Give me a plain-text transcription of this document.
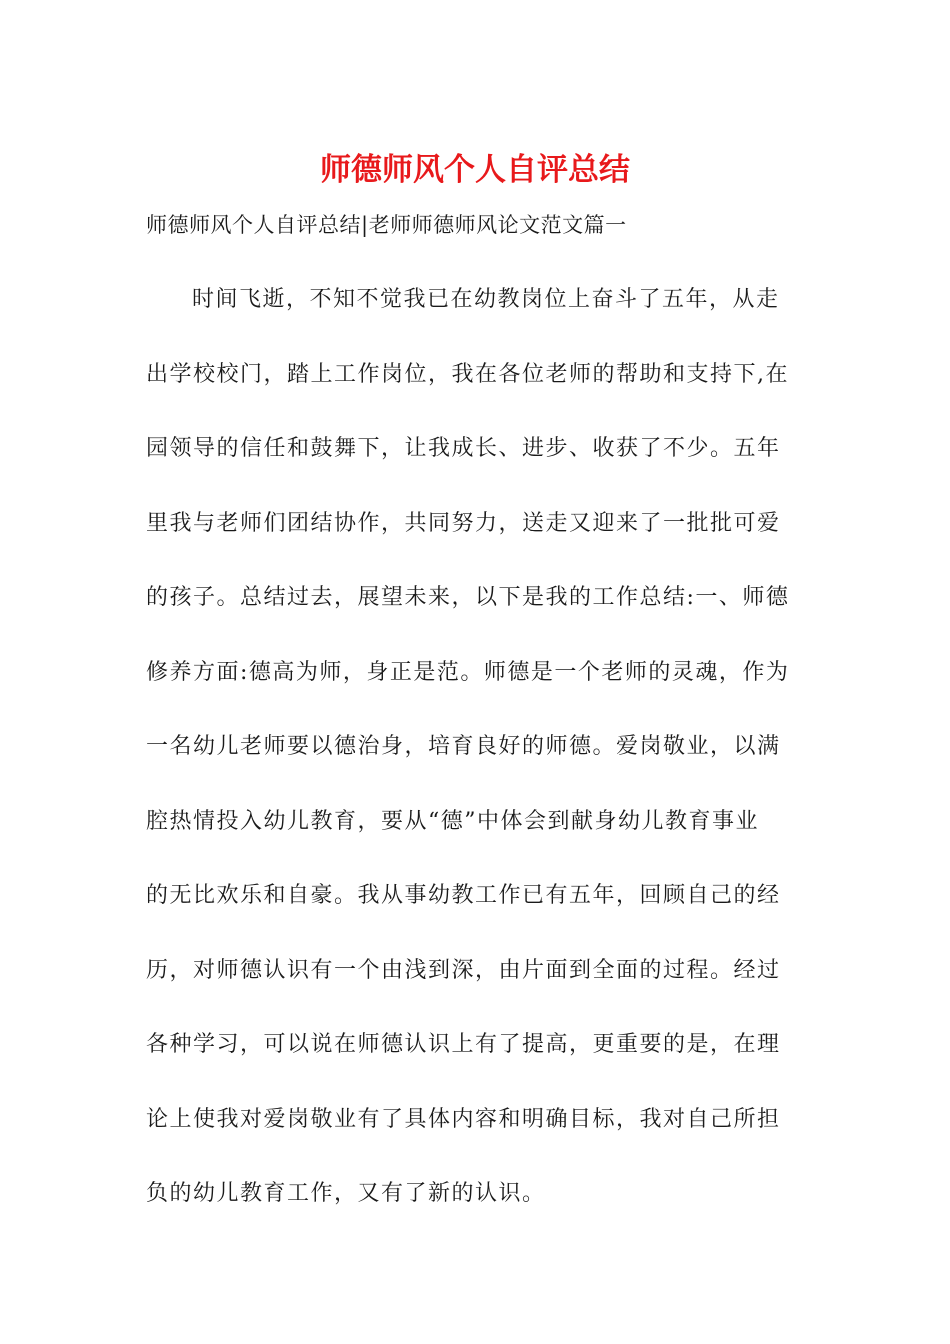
师德师风个人自评总结

师德师风个人自评总结|老师师德师风论文范文篇一

时间飞逝，不知不觉我已在幼教岗位上奋斗了五年，从走
出学校校门，踏上工作岗位，我在各位老师的帮助和支持下,在
园领导的信任和鼓舞下，让我成长、进步、收获了不少。五年
里我与老师们团结协作，共同努力，送走又迎来了一批批可爱
的孩子。总结过去，展望未来，以下是我的工作总结:一、师德
修养方面:德高为师，身正是范。师德是一个老师的灵魂，作为
一名幼儿老师要以德治身，培育良好的师德。爱岗敬业，以满
腔热情投入幼儿教育，要从“德”中体会到献身幼儿教育事业
的无比欢乐和自豪。我从事幼教工作已有五年，回顾自己的经
历，对师德认识有一个由浅到深，由片面到全面的过程。经过
各种学习，可以说在师德认识上有了提高，更重要的是，在理
论上使我对爱岗敬业有了具体内容和明确目标，我对自己所担
负的幼儿教育工作，又有了新的认识。
